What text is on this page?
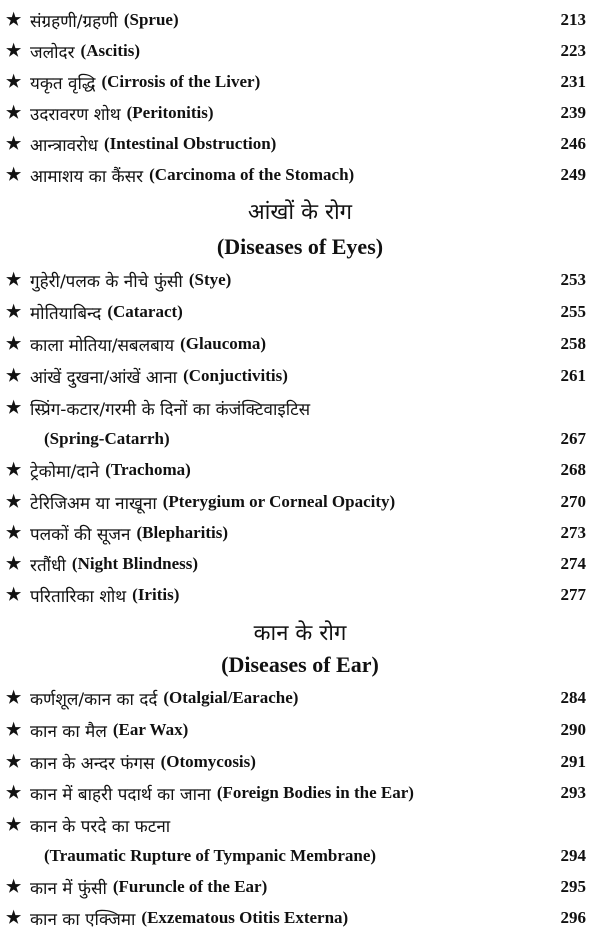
★ संग्रहणी/ग्रहणी (Sprue)	213
★ जलोदर (Ascitis)	223
★ यकृत वृद्धि (Cirrosis of the Liver)	231
★ उदरावरण शोथ (Peritonitis)	239
★ आन्त्रावरोध (Intestinal Obstruction)	246
★ आमाशय का कैंसर (Carcinoma of the Stomach)	249
आंखों के रोग
(Diseases of Eyes)
★ गुहेरी/पलक के नीचे फुंसी (Stye)	253
★ मोतियाबिन्द (Cataract)	255
★ काला मोतिया/सबलबाय (Glaucoma)	258
★ आंखें दुखना/आंखें आना (Conjuctivitis)	261
★ स्प्रिंग-कटार/गरमी के दिनों का कंजंक्टिवाइटिस
(Spring-Catarrh)	267
★ ट्रेकोमा/दाने (Trachoma)	268
★ टेरिजिअम या नाखूना (Pterygium or Corneal Opacity)	270
★ पलकों की सूजन (Blepharitis)	273
★ रतौंधी (Night Blindness)	274
★ परितारिका शोथ (Iritis)	277
कान के रोग
(Diseases of Ear)
★ कर्णशूल/कान का दर्द (Otalgial/Earache)	284
★ कान का मैल (Ear Wax)	290
★ कान के अन्दर फंगस (Otomycosis)	291
★ कान में बाहरी पदार्थ का जाना (Foreign Bodies in the Ear)	293
★ कान के परदे का फटना
(Traumatic Rupture of Tympanic Membrane)	294
★ कान में फुंसी (Furuncle of the Ear)	295
★ कान का एक्जिमा (Exzematous Otitis Externa)	296
